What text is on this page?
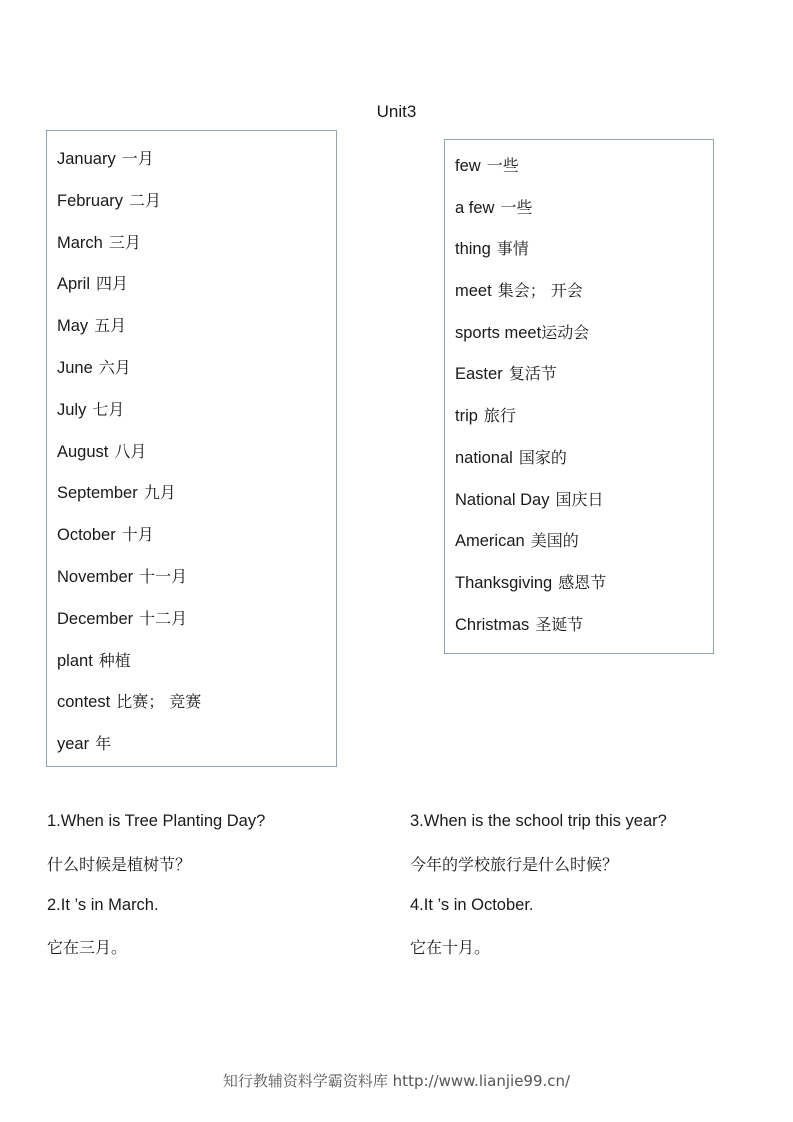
Unit3
January 一月
February 二月
March 三月
April 四月
May 五月
June 六月
July 七月
August 八月
September 九月
October 十月
November 十一月
December 十二月
plant 种植
contest 比赛； 竞赛
year 年
few 一些
a few 一些
thing 事情
meet 集会； 开会
sports meet运动会
Easter 复活节
trip 旅行
national 国家的
National Day 国庆日
American 美国的
Thanksgiving 感恩节
Christmas 圣诞节
1.When is Tree Planting Day?
什么时候是植树节？
2.It ’s in March.
它在三月。
3.When is the school trip this year?
今年的学校旅行是什么时候？
4.It ’s in October.
它在十月。
知行教辅资料学霸资料库 http://www.lianjie99.cn/
